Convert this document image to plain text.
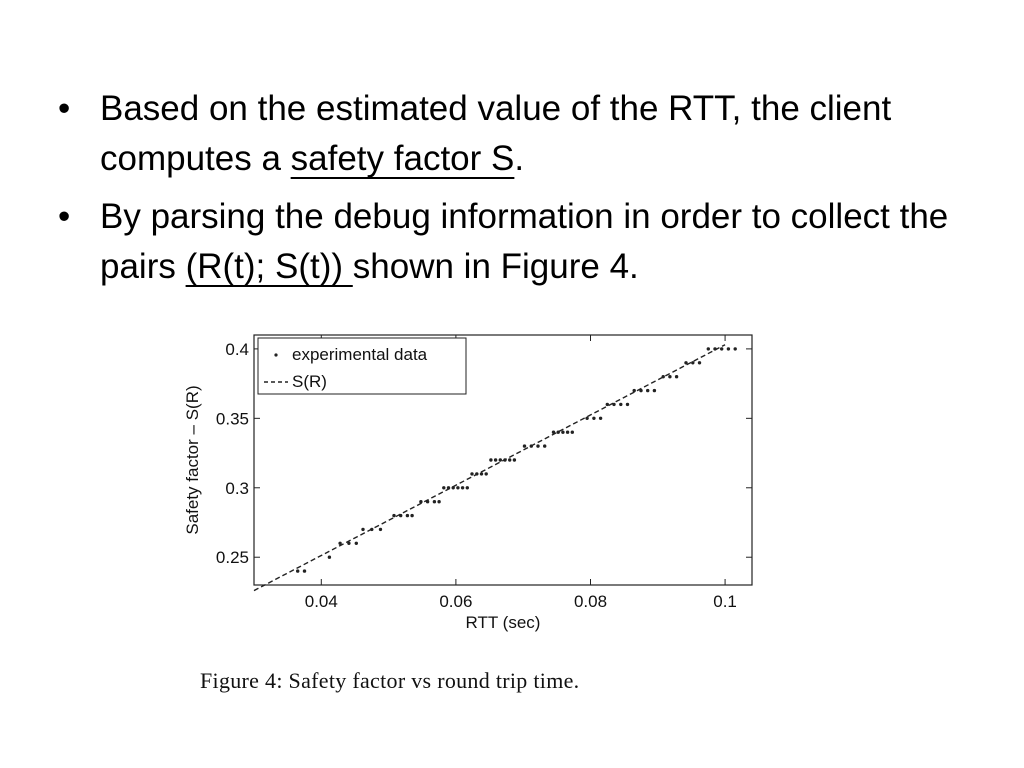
• Based on the estimated value of the RTT, the client computes a safety factor S.
• By parsing the debug information in order to collect the pairs (R(t); S(t)) shown in Figure 4.
0.04	0.06	0.08	0.1
0.25
0.3
0.35
0.4	experimental data
S(R)
Safety factor – S(R)
RTT (sec)
Figure 4: Safety factor vs round trip time.
